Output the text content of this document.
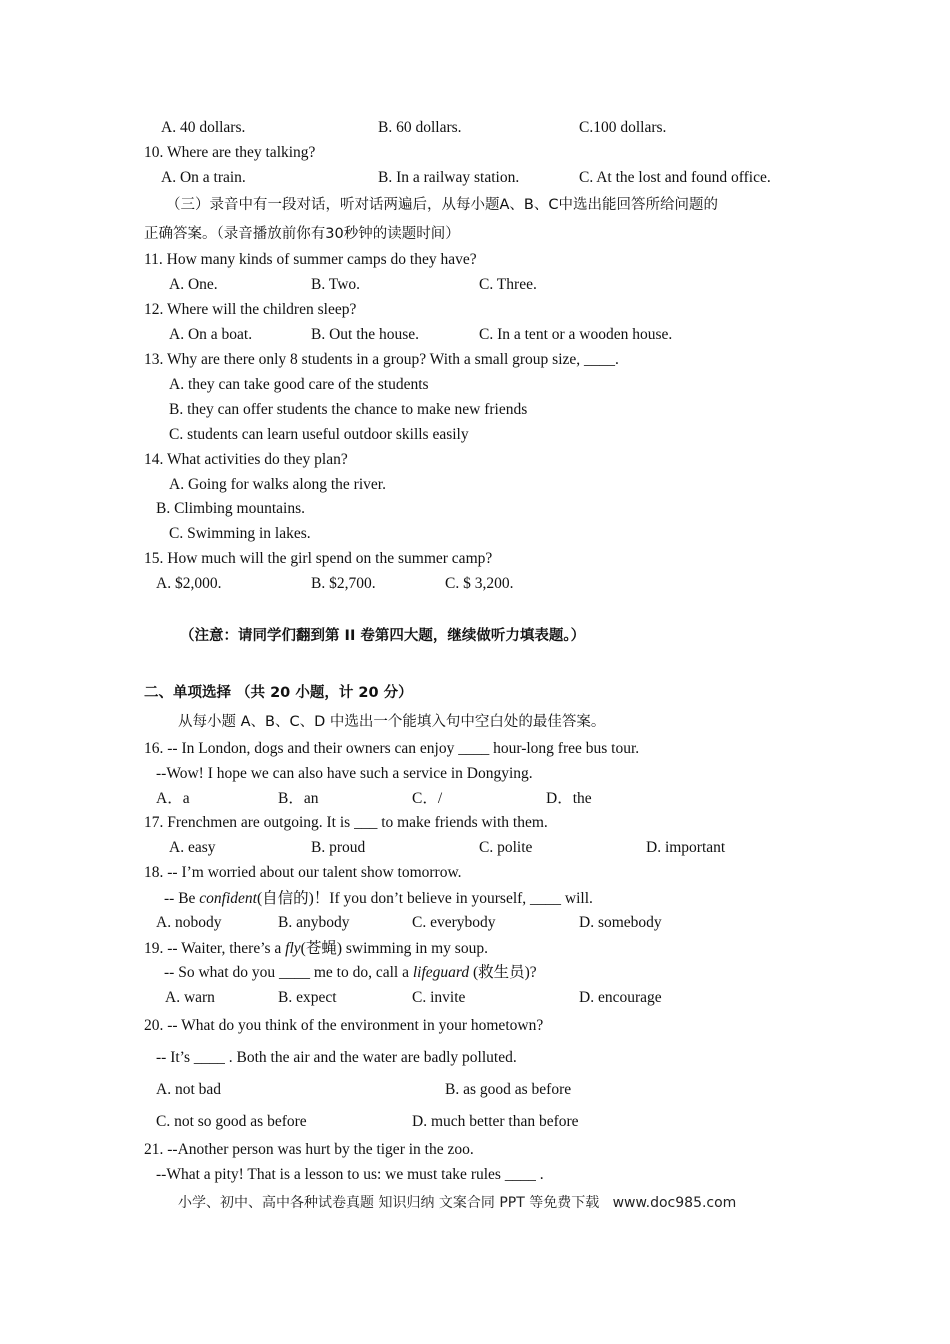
A. 40 dollars.	B. 60 dollars.	C.100 dollars.
10. Where are they talking?
A. On a train.	B. In a railway station.	C. At the lost and found office.
（三）录音中有一段对话，听对话两遍后，从每小题A、B、C中选出能回答所给问题的
正确答案。（录音播放前你有30秒钟的读题时间）
11. How many kinds of summer camps do they have?
A. One.	B. Two.	C. Three.
12. Where will the children sleep?
A. On a boat.	B. Out the house.	C. In a tent or a wooden house.
13. Why are there only 8 students in a group? With a small group size, ____.
A. they can take good care of the students
B. they can offer students the chance to make new friends
C. students can learn useful outdoor skills easily
14. What activities do they plan?
A. Going for walks along the river.
B. Climbing mountains.
C. Swimming in lakes.
15. How much will the girl spend on the summer camp?
A. $2,000.	B. $2,700.	C. $ 3,200.
（注意：请同学们翻到第 II 卷第四大题，继续做听力填表题。）
二、单项选择 （共 20 小题，计 20 分）
从每小题 A、B、C、D 中选出一个能填入句中空白处的最佳答案。
16. -- In London, dogs and their owners can enjoy ____ hour-long free bus tour.
--Wow! I hope we can also have such a service in Dongying.
A．a	B．an	C．/	D．the
17. Frenchmen are outgoing. It is ___ to make friends with them.
A. easy	B. proud	C. polite	D. important
18. -- I’m worried about our talent show tomorrow.
-- Be confident(自信的)！If you don’t believe in yourself, ____ will.
A. nobody	B. anybody	C. everybody	D. somebody
19. -- Waiter, there’s a fly(苍蝇) swimming in my soup.
-- So what do you ____ me to do, call a lifeguard (救生员)?
A. warn	B. expect	C. invite	D. encourage
20. -- What do you think of the environment in your hometown?
-- It’s ____ . Both the air and the water are badly polluted.
A. not bad	B. as good as before
C. not so good as before	D. much better than before
21. --Another person was hurt by the tiger in the zoo.
--What a pity! That is a lesson to us: we must take rules ____ .
小学、初中、高中各种试卷真题 知识归纳 文案合同 PPT 等免费下载   www.doc985.com
